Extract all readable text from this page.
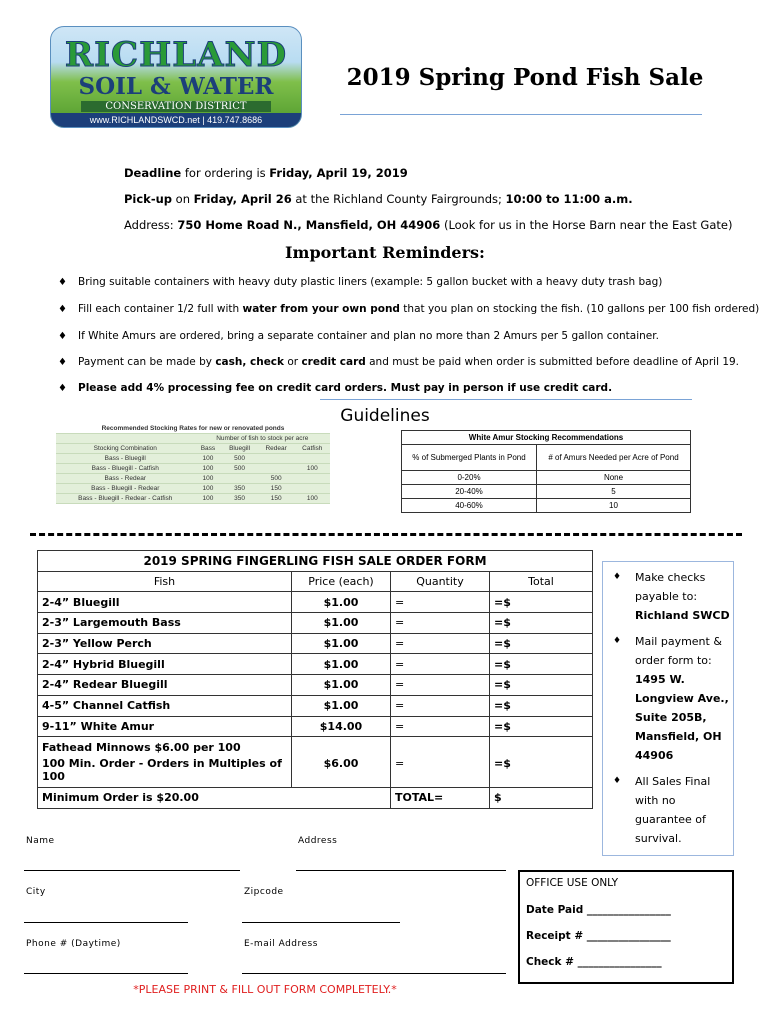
RICHLAND
SOIL & WATER
CONSERVATION DISTRICT
www.RICHLANDSWCD.net | 419.747.8686
2019 Spring Pond Fish Sale
Deadline for ordering is Friday, April 19, 2019
Pick-up on Friday, April 26 at the Richland County Fairgrounds; 10:00 to 11:00 a.m.
Address: 750 Home Road N., Mansfield, OH 44906 (Look for us in the Horse Barn near the East Gate)
Important Reminders:
♦ Bring suitable containers with heavy duty plastic liners (example: 5 gallon bucket with a heavy duty trash bag)
♦ Fill each container 1/2 full with water from your own pond that you plan on stocking the fish. (10 gallons per 100 fish ordered)
♦ If White Amurs are ordered, bring a separate container and plan no more than 2 Amurs per 5 gallon container.
♦ Payment can be made by cash, check or credit card and must be paid when order is submitted before deadline of April 19.
♦ Please add 4% processing fee on credit card orders. Must pay in person if use credit card.
Guidelines
Recommended Stocking Rates for new or renovated ponds				
	Number of fish to stock per acre			
Stocking Combination	Bass	Bluegill	Redear	Catfish
Bass - Bluegill	100	500		
Bass - Bluegill - Catfish	100	500		100
Bass - Redear	100		500	
Bass - Bluegill - Redear	100	350	150	
Bass - Bluegill - Redear - Catfish	100	350	150	100
White Amur Stocking Recommendations	
% of Submerged Plants in Pond	# of Amurs Needed per Acre of Pond
0-20%	None
20-40%	5
40-60%	10
2019 SPRING FINGERLING FISH SALE ORDER FORM			
Fish	Price (each)	Quantity	Total
2-4” Bluegill	$1.00	=	=$
2-3” Largemouth Bass	$1.00	=	=$
2-3” Yellow Perch	$1.00	=	=$
2-4” Hybrid Bluegill	$1.00	=	=$
2-4” Redear Bluegill	$1.00	=	=$
4-5” Channel Catfish	$1.00	=	=$
9-11” White Amur	$14.00	=	=$
Fathead Minnows $6.00 per 100			
100 Min. Order - Orders in Multiples of 100	$6.00	=	=$
Minimum Order is $20.00		TOTAL=	$
♦ Make checks payable to:
Richland SWCD
♦ Mail payment & order form to:
1495 W. Longview Ave., Suite 205B, Mansfield, OH 44906
♦ All Sales Final with no guarantee of survival.
Name	Address
City	Zipcode
Phone # (Daytime)	E-mail Address
OFFICE USE ONLY
Date Paid ________________
Receipt # ________________
Check # ________________
*PLEASE PRINT & FILL OUT FORM COMPLETELY.*
